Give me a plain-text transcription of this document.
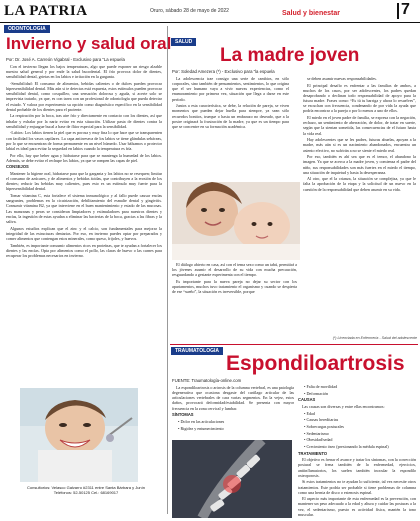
LA PATRIA	Oruro, sábado 28 de mayo de 2022	Salud y bienestar	7
ODONTOLOGIA
Invierno y salud oral
Por: Dr. José A. Carreón Vigabral - Exclusivo para “La espuela

Con el invierno llegan los bajos temperaturas, algo que puede exponer un riesgo alzable nuestra salud general y por ende la salud bucodental. El frío provoca dolor de dientes, sensibilidad dental, grietas en los labios e irritación en la garganta.

-Sensibilidad: El consumo de alimentos, bebidas calientes o de dulces pueden provocar hipersensibilidad dental. Más aún si te detectas está expuesta, estos estímulos pueden provocar sensibilidad dental, como cosquilleo, una sensación dolorosa y aguda, si acerte solo se imprevista tratarlo, ya que, es con tarea con un profesional de odontología que pueda detectar el estado. Y valora por experimento su opción como diagnóstico específico en la sensibilidad dental probable de los dientes para el paciente.

La respiración por la boca, tras aire frío y directamente en contacto con los dientes, así que inhalar y exhalar por la nariz evitar en esta situación. Utilizar pasta de dientes contra la sensibilidad y enjuague bucal a base de flúor especial para la sensibilidad.

-Labios: Los labios tienen la piel que es porosa y muy fina lo que hace que se transparenten con facilidad los vasos capilares. La capa antirreseca de los labios se tiene glándulas sebáceas, por lo que se encuentran de forma permanente en un nivel húmedo. Usar bálsamos o protector labial es ideal para evitar la sequedad en labios cuando la temperatura es fría.

Por ello, hay que beber agua y hidratarse para que se mantenga la humedad de los labios. Además, se debe evitar el rechupe los labios, ya que se rompen las capas de piel.

CONSEJOS

Mantener la higiene oral, hidratarse para que la garganta y los labios no se resequen; limitar el consumo de azúcares, y de alimentos y bebidas ácidas, que contribuyen a la erosión de los dientes; reducir las bebidas muy calientes, pues esto es un estímulo muy fuerte para la hipersensibilidad dental.

Tomar vitamina C, esta fortalece el sistema inmunológico y al fallo puede causar encías sangrantes, problemas en la cicatrización, debilitamiento del esmalte dental y gingivitis. Consumir vitamina B2, ya que interviene en el buen mantenimiento y estado de las mucosas. Las manzanas y peras se consideran limpiadores y estimuladores para nuestros dientes y encías, la ingestión de estas ayudan a eliminar las bacterias de la boca, gracias a las fibras y la saliva.

Algunos estudios explican que el zinc y el calcio, son fundamentales para mejorar la integridad de las estructuras dentarias. Por eso, en invierno puedes optar por preparados y comer alimentos que contengan estos minerales, como queso, frijoles, y huevos.

También, es importante consumir alimentos ricos en proteínas, que te ayudan a fortalecer los dientes y las encías. Opta por alimentos como el pollo, las claras de huevo o las carnes para recuperar los problemas necesarios en invierno.

Consultorios: Velasco Galvarro #2311 entre Santa Bárbara y Junín Teléfonos: 52-50125 Cel.: 68169017
SALUD
La madre joven
Por: Soledad Amezera (*) - Exclusivo para “la espuela

La adolescencia trae consigo una serie de cambios, en sólo corporales, sino también de pensamientos, sentimientos, lo que origina que el ser humano vaya a vivir nuevas experiencias, como el enamoramiento por primera vez, situación que llega a darse en este período.

Juntos a esta característica, se debe, la relación de pareja, se viven momentos que pueden dejar huella para siempre, ya sean sólo recuerdos bonitos, trueque o hasta un embarazo no deseado, que a la postre originará la frustración de la madre, ya que es un tiempo para que se concentre en su formación académica.

El diálogo abierto en casa, así con el tema sexo como un tabú, permitirá a los jóvenes asumir el desarrollo de su vida con mucha precaución, resguardando a gestante experimenta con el tiempo.

Es importante para la nueva pareja no dejar su sector con los apartamentos, muchos tuvo tratamiento el organismo y cuando se despierta de ese “sueño”, la situación es irreversible, porque

se deben asumir nuevas responsabilidades.

El principal desafío es enfrentar a las familias de ambos, a muchos de los casos, por ser adolescentes, los padres quedan desaprobando o declinan todo responsabilidad de apoyo para la futura madre. Frases como: “Es tú tu barriga y ahora lo resuelves”, se escuchan con frecuencia, condenando de por vida la ayuda que podría encontrar a la pareja o por lo menos a uno de ellos.

El miedo en el joven padre de familia, se expresa con la negación, rechazo, un sentimiento de aberración, de dolor, de tratar en suerte, según que la sientan sometida, las consecuencias de el futuro hasta la vida real.

Hay adolescentes que se les padres, futuras abuelas, apoyan a la madre, más aún si es un nacimiento abandonados, encuentra un asiento efectivo, no sufrirán a no se siente el miedo real.

Por eso, también es ahí sea que es el temor, el abandono la imagen. Ya que se acerca a la madre joven, y comienza el padre del niño, sus responsabilidades son más fuertes en el miedo el tiempo, una situación de inquietud y hasta la desesperanza.

Al otro, que el la crianza, la situación se complejiza, ya que le falta la aprobación de la etapa y la solicitud de un nuevo en la cuestión de la responsabilidad que deben asumir en su vida.

(*) Licenciada en Enfermería - Salud del adolescente
TRAUMATOLOGIA
Espondiloartrosis
FUENTE: Traumatología-online.com

La espondiloartrosis o artrosis de la columna vertebral, es una patología degenerativa que ocasiona desgaste del cartílago articular de las articulaciones vertebrales de cara varias segmentos. En la vejez, estos daños, provocará deformidad/estabilidad. Se presenta con mayor frecuencia en la zona cervical y lumbar.

SÍNTOMAS

• Dolor en las articulaciones

• Rigidez y entumecimiento

• Falta de movilidad

• Deformación

CAUSAS

Las causas son diversas y entre ellas encontramos:

• Edad

• Causas hereditarias

• Sobrecargas posturales

• Sedentarismo

• Obesidad/sedad

• Crecimiento óseo (presionando la médula espinal)

TRATAMIENTO

El objetivo es frenar el avance y tratar los síntomas, con la corrección postural se frena también de la enfermedad, ejercicios, antiinflamatorios, los suelen también inocular la espondilo osteoporosis.

Si estos tratamientos no te ayudan lo suficiente, tal vez necesite otros tratamientos. Este podría ser probable si tiene problemas de columna como una hernia de disco o estenosis espinal.

El aspecto más importante de esta enfermedad es la prevención, con mantener un peso adecuado a la edad y altura y cuidar las posturas a la vez, el sedentarismo, puesto es actividad física, mantén la tono muscular.
